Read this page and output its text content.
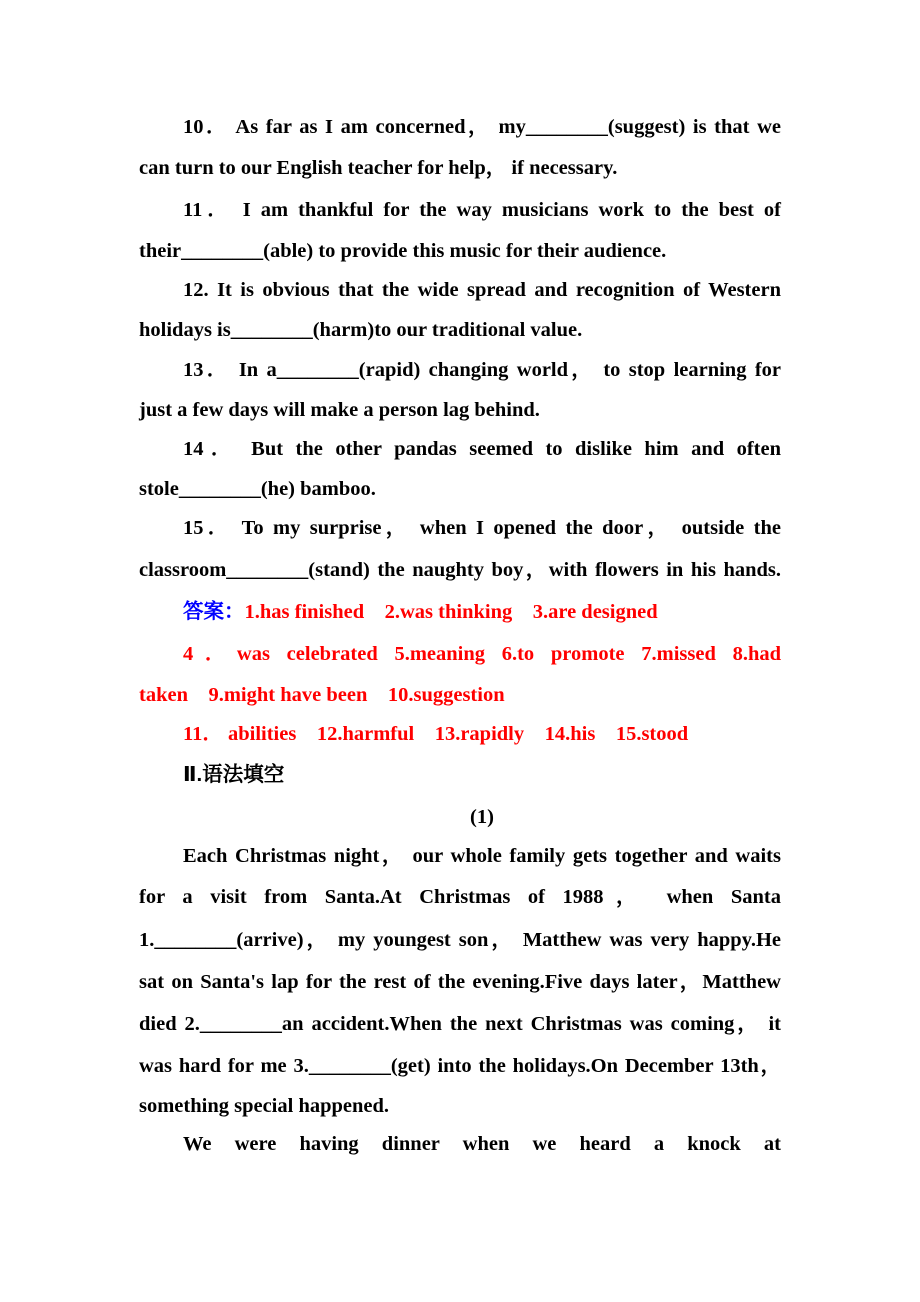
10． As far as I am concerned， my________(suggest) is that we
can turn to our English teacher for help， if necessary.
11． I am thankful for the way musicians work to the best of
their________(able) to provide this music for their audience.
12. It is obvious that the wide spread and recognition of Western
holidays is________(harm)to our traditional value.
13． In a________(rapid) changing world， to stop learning for
just a few days will make a person lag behind.
14． But the other pandas seemed to dislike him and often
stole________(he) bamboo.
15． To my surprise， when I opened the door， outside the
classroom________(stand) the naughty boy，with flowers in his hands.
答案：1.has finished    2.was thinking    3.are designed
4．was celebrated 5.meaning 6.to promote 7.missed 8.had
taken    9.might have been    10.suggestion
11． abilities    12.harmful    13.rapidly    14.his    15.stood
Ⅱ.语法填空
(1)
Each Christmas night， our whole family gets together and waits
for a visit from Santa.At Christmas of 1988， when Santa
1.________(arrive)， my youngest son， Matthew was very happy.He
sat on Santa's lap for the rest of the evening.Five days later，Matthew
died 2.________an accident.When the next Christmas was coming， it
was hard for me 3.________(get) into the holidays.On December 13th，
something special happened.
We were having dinner when we heard a knock at
